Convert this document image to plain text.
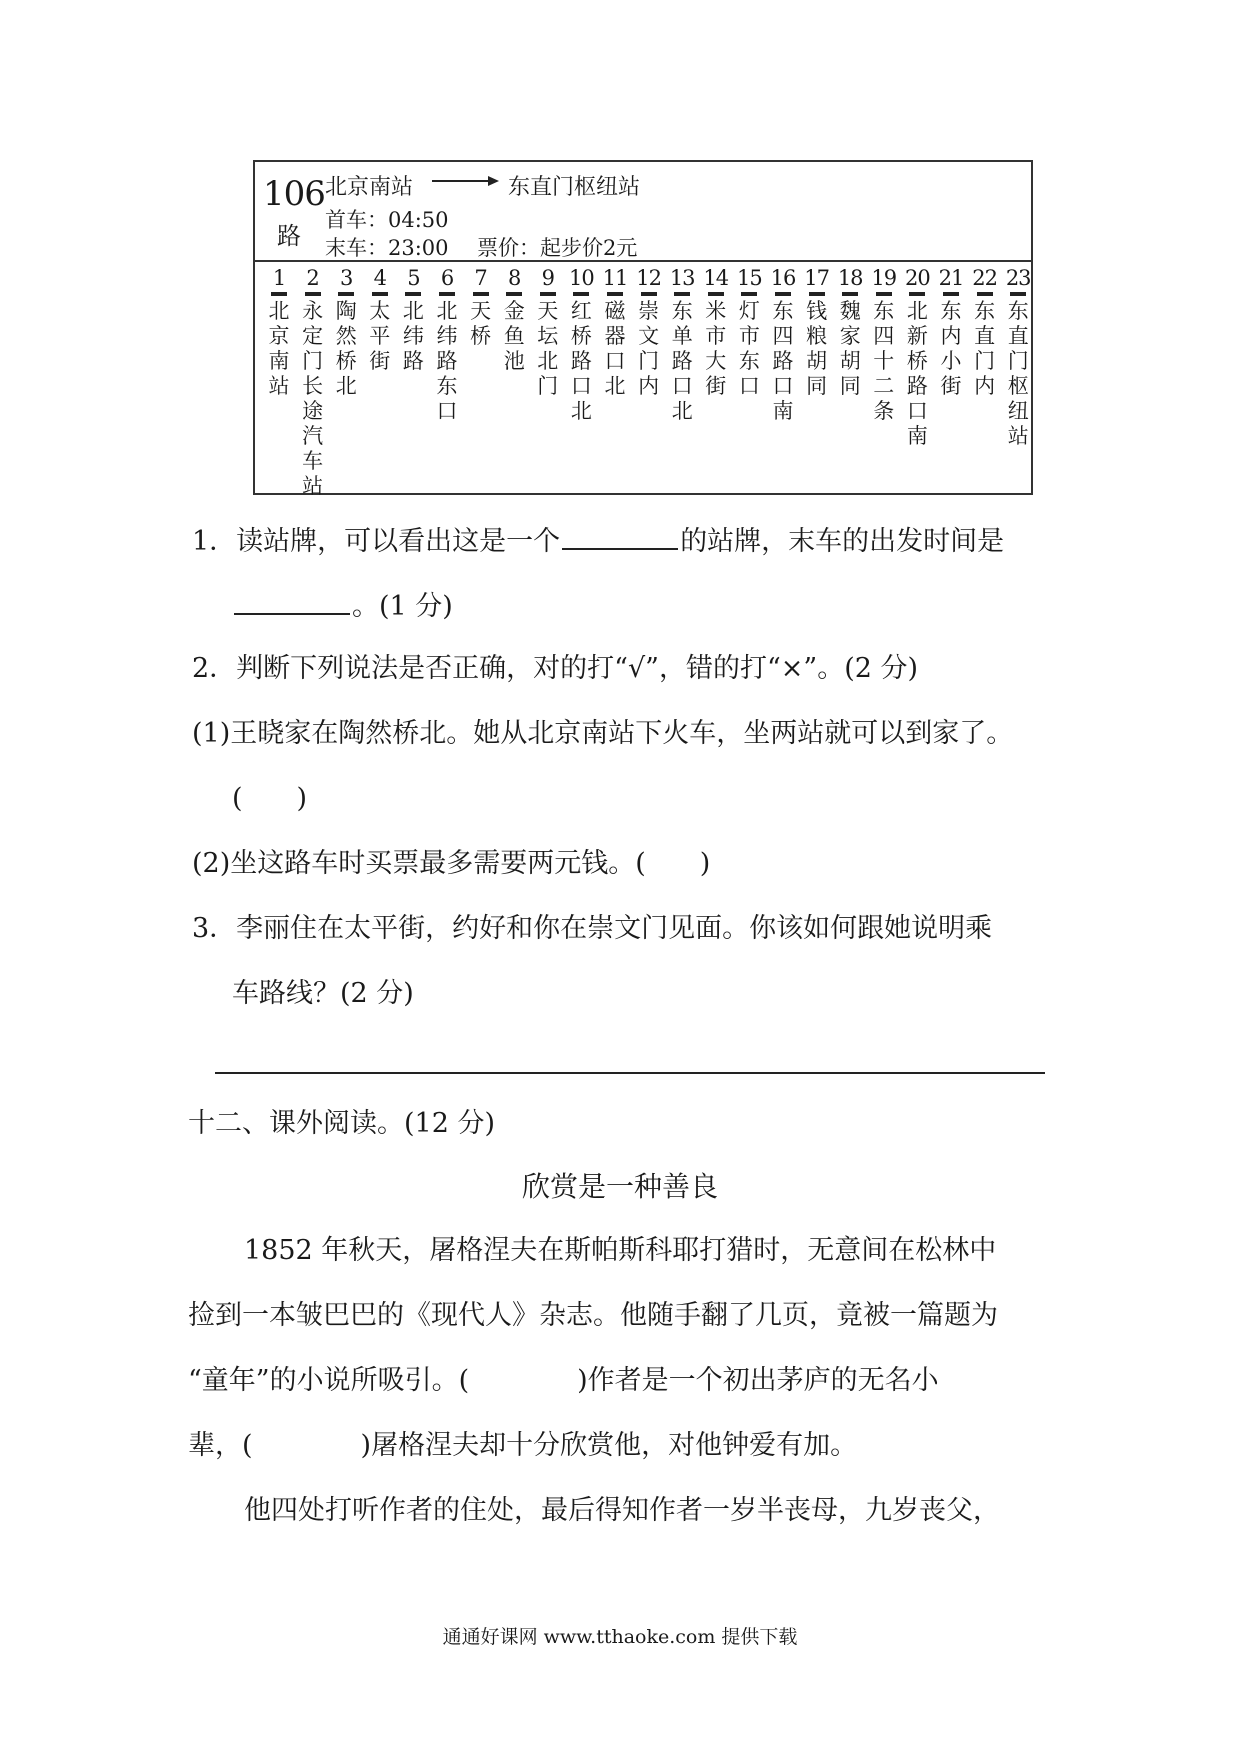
106
路
北京南站	东直门枢纽站
首车：04:50
末车：23:00 票价：起步价2元
1
北京南站
2
永定门长途汽车站
3
陶然桥北
4
太平街
5
北纬路
6
北纬路东口
7
天桥
8
金鱼池
9
天坛北门
10
红桥路口北
11
磁器口北
12
崇文门内
13
东单路口北
14
米市大街
15
灯市东口
16
东四路口南
17
钱粮胡同
18
魏家胡同
19
东四十二条
20
北新桥路口南
21
东内小街
22
东直门内
23
东直门枢纽站
1．读站牌，可以看出这是一个	的站牌，末车的出发时间是
。(1 分)
2．判断下列说法是否正确，对的打“√”，错的打“×”。(2 分)
(1)王晓家在陶然桥北。她从北京南站下火车，坐两站就可以到家了。
(　　)
(2)坐这路车时买票最多需要两元钱。(　　)
3．李丽住在太平街，约好和你在崇文门见面。你该如何跟她说明乘
车路线？(2 分)
十二、课外阅读。(12 分)
欣赏是一种善良
1852 年秋天，屠格涅夫在斯帕斯科耶打猎时，无意间在松林中
捡到一本皱巴巴的《现代人》杂志。他随手翻了几页，竟被一篇题为
“童年”的小说所吸引。(　　　　)作者是一个初出茅庐的无名小
辈，(　　　　)屠格涅夫却十分欣赏他，对他钟爱有加。
他四处打听作者的住处，最后得知作者一岁半丧母，九岁丧父，
通通好课网 www.tthaoke.com 提供下载
